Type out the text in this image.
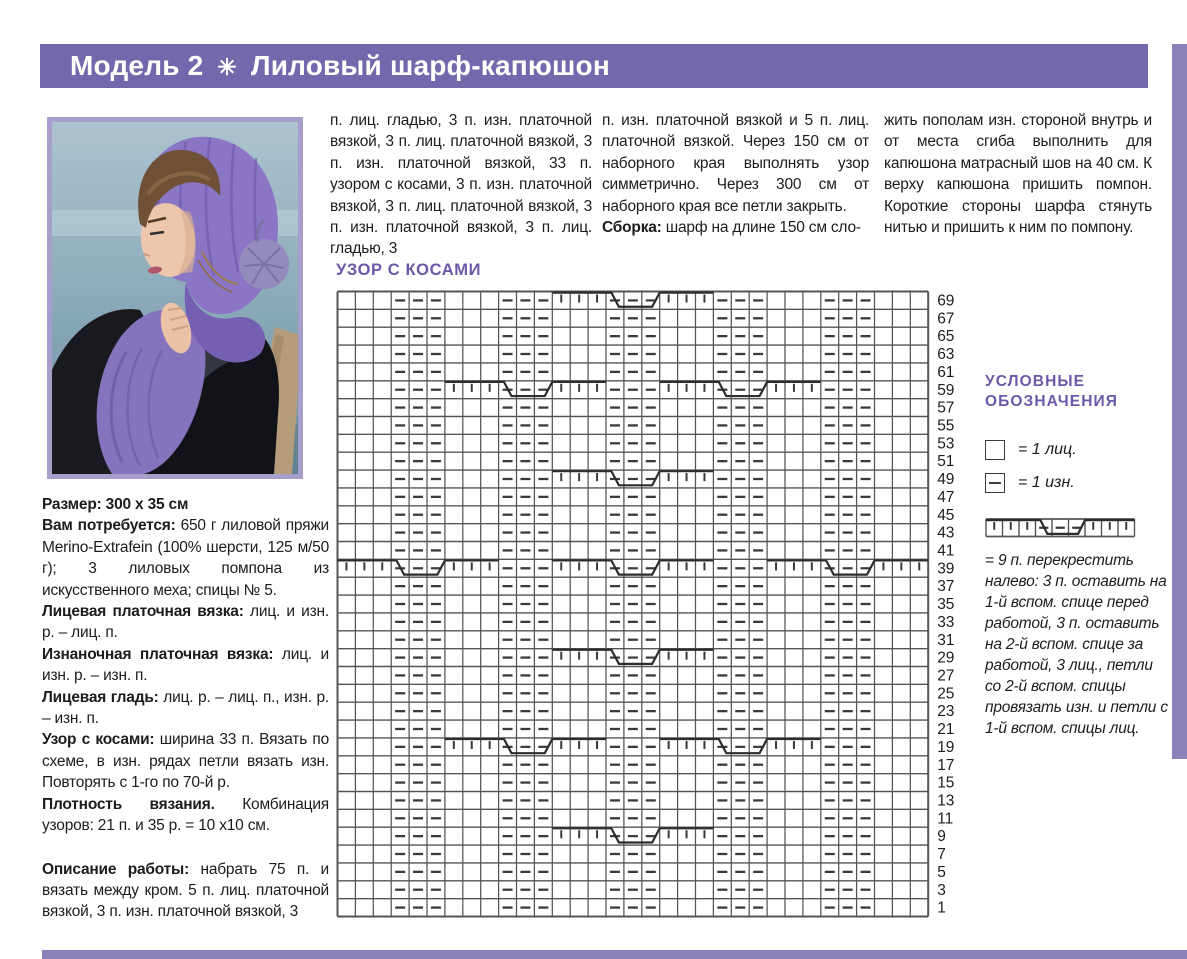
Модель 2 ✳ Лиловый шарф-капюшон

Размер: 300 х 35 см

Вам потребуется: 650 г лиловой пряжи Merino-Extrafein (100% шерсти, 125 м/50 г); 3 лиловых помпона из искусственного меха; спицы № 5.

Лицевая платочная вязка: лиц. и изн. р. – лиц. п.

Изнаночная платочная вязка: лиц. и изн. р. – изн. п.

Лицевая гладь: лиц. р. – лиц. п., изн. р. – изн. п.

Узор с косами: ширина 33 п. Вязать по схеме, в изн. рядах петли вязать изн. Повторять с 1-го по 70-й р.

Плотность вязания. Комбинация узоров: 21 п. и 35 р. = 10 х10 см.

Описание работы: набрать 75 п. и вязать между кром. 5 п. лиц. платочной вязкой, 3 п. изн. платочной вязкой, 3

п. лиц. гладью, 3 п. изн. платочной вязкой, 3 п. лиц. платочной вязкой, 3 п. изн. платочной вязкой, 33 п. узором с косами, 3 п. изн. платочной вязкой, 3 п. лиц. платочной вязкой, 3 п. изн. платочной вязкой, 3 п. лиц. гладью, 3

п. изн. платочной вязкой и 5 п. лиц. платочной вязкой. Через 150 см от наборного края выполнять узор симметрично. Через 300 см от наборного края все петли закрыть.

Сборка: шарф на длине 150 см сло-

жить пополам изн. стороной внутрь и от места сгиба выполнить для капюшона матрасный шов на 40 см. К верху капюшона пришить помпон. Короткие стороны шарфа стянуть нитью и пришить к ним по помпону.

УЗОР С КОСАМИ
69
67
65
63
61
59
57
55
53
51
49
47
45
43
41
39
37
35
33
31
29
27
25
23
21
19
17
15
13
11
9
7
5
3
1
УСЛОВНЫЕ
ОБОЗНАЧЕНИЯ
= 1 лиц.
= 1 изн.

= 9 п. перекрестить налево: 3 п. оставить на 1-й вспом. спице перед работой, 3 п. оставить на 2-й вспом. спице за работой, 3 лиц., петли со 2-й вспом. спицы провязать изн. и петли с 1-й вспом. спицы лиц.
